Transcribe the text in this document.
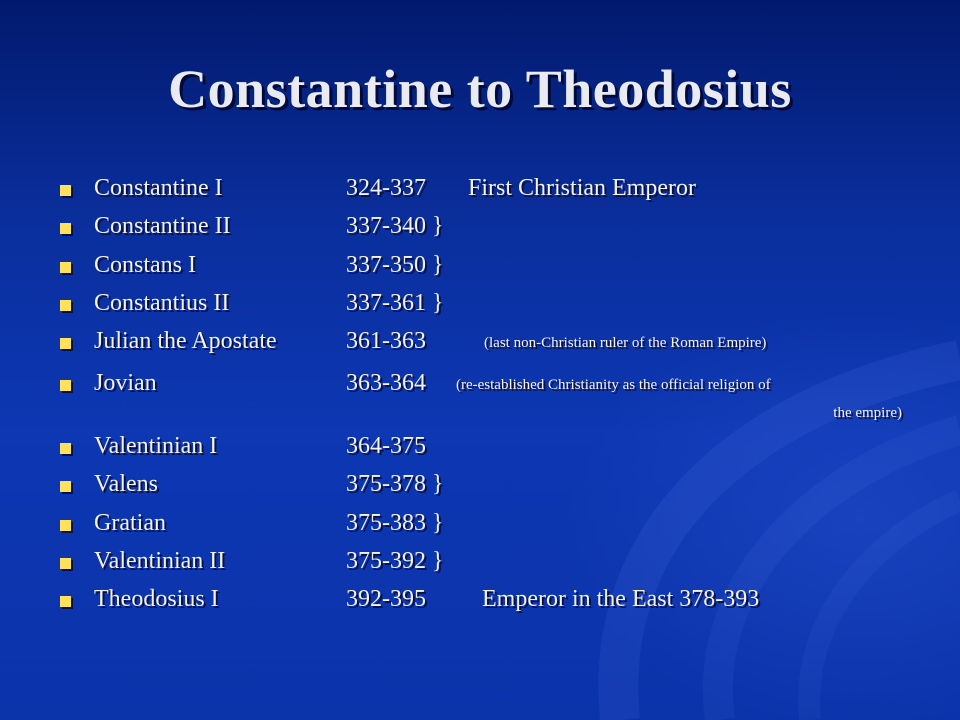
Constantine to Theodosius
Constantine I	324-337 First Christian Emperor
Constantine II	337-340 }
Constans I	337-350 }
Constantius II	337-361 }
Julian the Apostate	361-363	(last non-Christian ruler of the Roman Empire)
Jovian	363-364 (re-established Christianity as the official religion of
the empire)
Valentinian I	364-375
Valens	375-378 }
Gratian	375-383 }
Valentinian II	375-392 }
Theodosius I	392-395 Emperor in the East 378-393
